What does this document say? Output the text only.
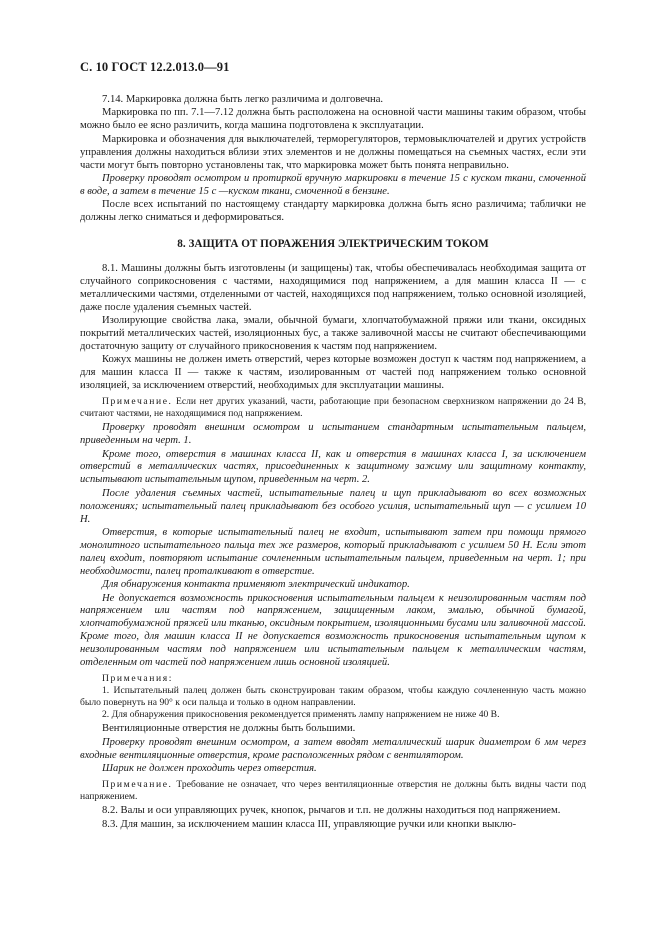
С. 10 ГОСТ 12.2.013.0—91

7.14. Маркировка должна быть легко различима и долговечна.

Маркировка по пп. 7.1—7.12 должна быть расположена на основной части машины таким образом, чтобы можно было ее ясно различить, когда машина подготовлена к эксплуатации.

Маркировка и обозначения для выключателей, терморегуляторов, термовыключателей и других устройств управления должны находиться вблизи этих элементов и не должны помещаться на съемных частях, если эти части могут быть повторно установлены так, что маркировка может быть понята неправильно.

Проверку проводят осмотром и протиркой вручную маркировки в течение 15 с куском ткани, смоченной в воде, а затем в течение 15 с —куском ткани, смоченной в бензине.

После всех испытаний по настоящему стандарту маркировка должна быть ясно различима; таблички не должны легко сниматься и деформироваться.

8. ЗАЩИТА ОТ ПОРАЖЕНИЯ ЭЛЕКТРИЧЕСКИМ ТОКОМ

8.1. Машины должны быть изготовлены (и защищены) так, чтобы обеспечивалась необходимая защита от случайного соприкосновения с частями, находящимися под напряжением, а для машин класса II — с металлическими частями, отделенными от частей, находящихся под напряжением, только основной изоляцией, даже после удаления съемных частей.

Изолирующие свойства лака, эмали, обычной бумаги, хлопчатобумажной пряжи или ткани, оксидных покрытий металлических частей, изоляционных бус, а также заливочной массы не считают обеспечивающими достаточную защиту от случайного прикосновения к частям под напряжением.

Кожух машины не должен иметь отверстий, через которые возможен доступ к частям под напряжением, а для машин класса II — также к частям, изолированным от частей под напряжением только основной изоляцией, за исключением отверстий, необходимых для эксплуатации машины.

Примечание. Если нет других указаний, части, работающие при безопасном сверхнизком напряжении до 24 В, считают частями, не находящимися под напряжением.

Проверку проводят внешним осмотром и испытанием стандартным испытательным пальцем, приведенным на черт. 1.

Кроме того, отверстия в машинах класса II, как и отверстия в машинах класса I, за исключением отверстий в металлических частях, присоединенных к защитному зажиму или защитному контакту, испытывают испытательным щупом, приведенным на черт. 2.

После удаления съемных частей, испытательные палец и щуп прикладывают во всех возможных положениях; испытательный палец прикладывают без особого усилия, испытательный щуп — с усилием 10 Н.

Отверстия, в которые испытательный палец не входит, испытывают затем при помощи прямого монолитного испытательного пальца тех же размеров, который прикладывают с усилием 50 Н. Если этот палец входит, повторяют испытание сочлененным испытательным пальцем, приведенным на черт. 1; при необходимости, палец проталкивают в отверстие.

Для обнаружения контакта применяют электрический индикатор.

Не допускается возможность прикосновения испытательным пальцем к неизолированным частям под напряжением или частям под напряжением, защищенным лаком, эмалью, обычной бумагой, хлопчатобумажной пряжей или тканью, оксидным покрытием, изоляционными бусами или заливочной массой. Кроме того, для машин класса II не допускается возможность прикосновения испытательным щупом к неизолированным частям под напряжением или испытательным пальцем к металлическим частям, отделенным от частей под напряжением лишь основной изоляцией.

Примечания:

1. Испытательный палец должен быть сконструирован таким образом, чтобы каждую сочлененную часть можно было повернуть на 90° к оси пальца и только в одном направлении.

2. Для обнаружения прикосновения рекомендуется применять лампу напряжением не ниже 40 В.

Вентиляционные отверстия не должны быть большими.

Проверку проводят внешним осмотром, а затем вводят металлический шарик диаметром 6 мм через входные вентиляционные отверстия, кроме расположенных рядом с вентилятором.

Шарик не должен проходить через отверстия.

Примечание. Требование не означает, что через вентиляционные отверстия не должны быть видны части под напряжением.

8.2. Валы и оси управляющих ручек, кнопок, рычагов и т.п. не должны находиться под напряжением.

8.3. Для машин, за исключением машин класса III, управляющие ручки или кнопки выклю-
